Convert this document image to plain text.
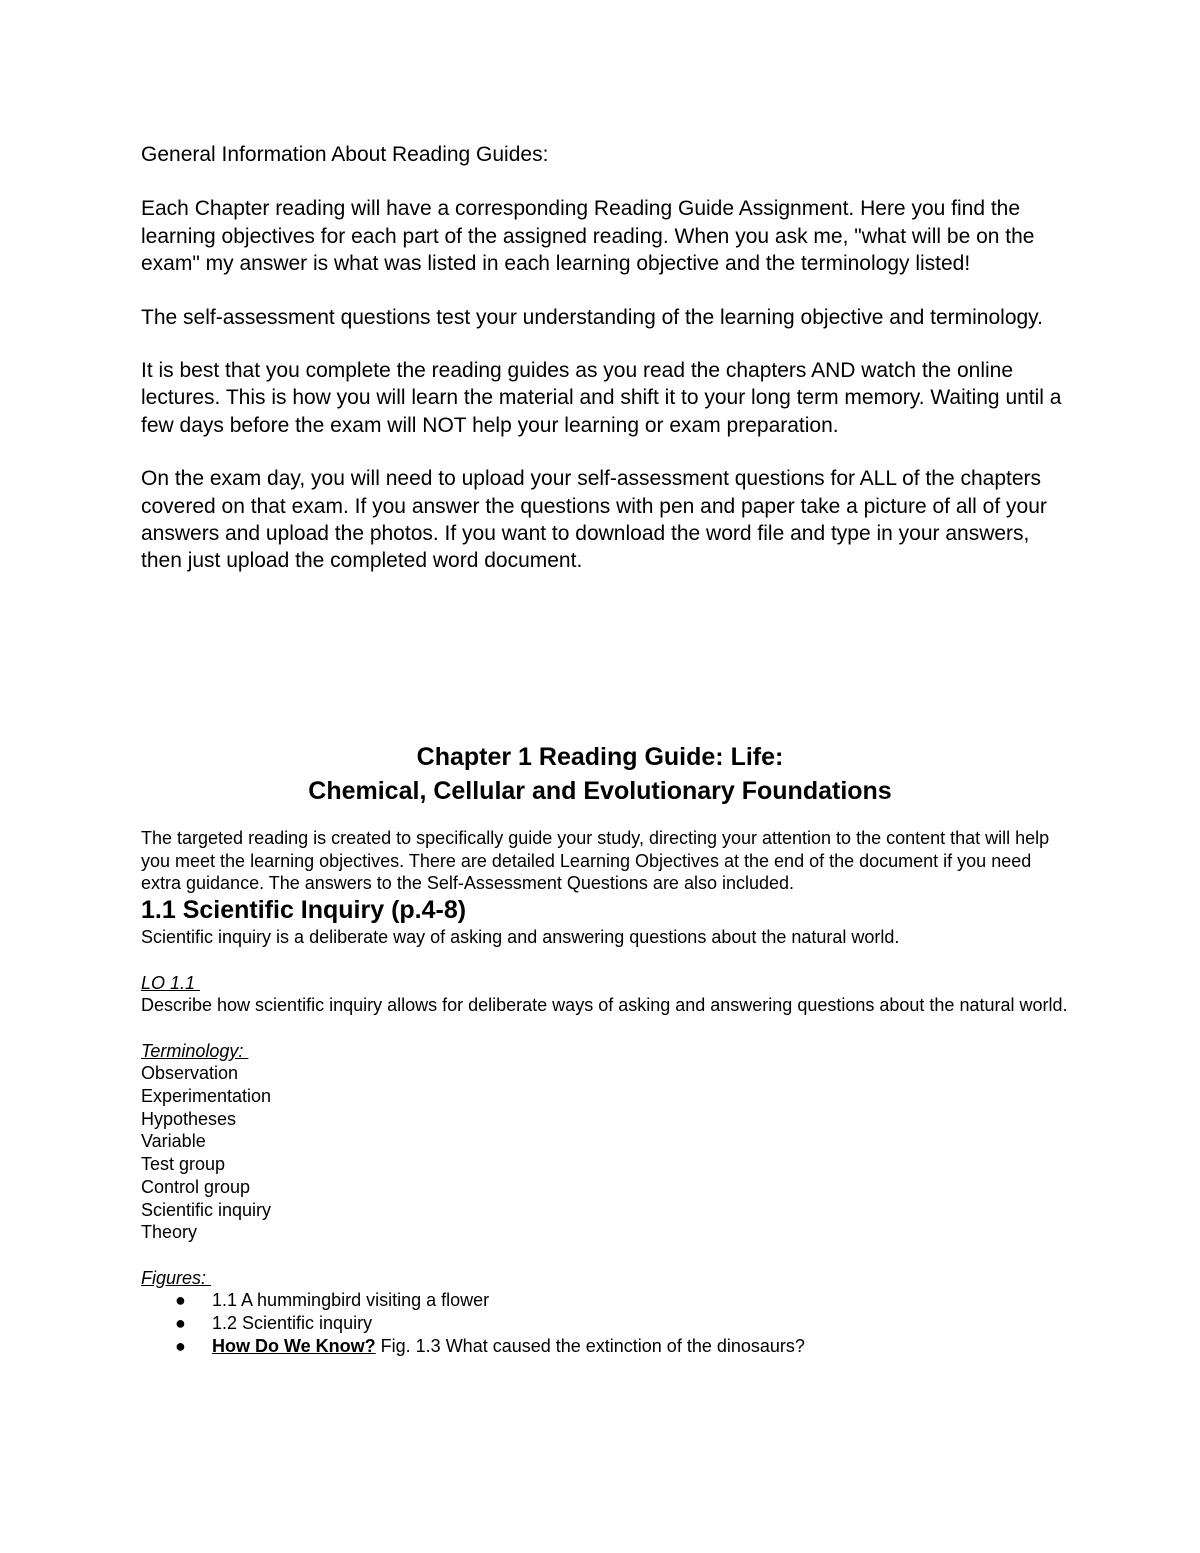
General Information About Reading Guides:

Each Chapter reading will have a corresponding Reading Guide Assignment. Here you find the learning objectives for each part of the assigned reading. When you ask me, "what will be on the exam" my answer is what was listed in each learning objective and the terminology listed!

The self-assessment questions test your understanding of the learning objective and terminology.

It is best that you complete the reading guides as you read the chapters AND watch the online lectures. This is how you will learn the material and shift it to your long term memory. Waiting until a few days before the exam will NOT help your learning or exam preparation.

On the exam day, you will need to upload your self-assessment questions for ALL of the chapters covered on that exam. If you answer the questions with pen and paper take a picture of all of your answers and upload the photos. If you want to download the word file and type in your answers, then just upload the completed word document.

Chapter 1 Reading Guide: Life:
Chemical, Cellular and Evolutionary Foundations

The targeted reading is created to specifically guide your study, directing your attention to the content that will help you meet the learning objectives. There are detailed Learning Objectives at the end of the document if you need extra guidance. The answers to the Self-Assessment Questions are also included.

1.1 Scientific Inquiry (p.4-8)

Scientific inquiry is a deliberate way of asking and answering questions about the natural world.

LO 1.1

Describe how scientific inquiry allows for deliberate ways of asking and answering questions about the natural world.

Terminology:

Observation
Experimentation
Hypotheses
Variable
Test group
Control group
Scientific inquiry
Theory

Figures:

● 1.1 A hummingbird visiting a flower
● 1.2 Scientific inquiry
● How Do We Know? Fig. 1.3 What caused the extinction of the dinosaurs?
